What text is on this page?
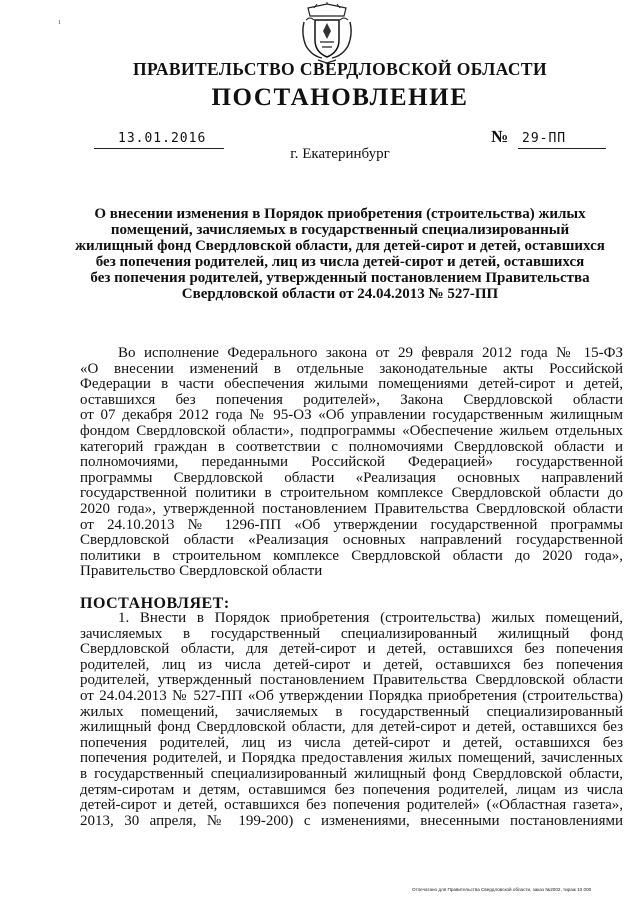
1
ПРАВИТЕЛЬСТВО СВЕРДЛОВСКОЙ ОБЛАСТИ
ПОСТАНОВЛЕНИЕ
13.01.2016	№ 29-ПП
г. Екатеринбург
О внесении изменения в Порядок приобретения (строительства) жилых
помещений, зачисляемых в государственный специализированный
жилищный фонд Свердловской области, для детей-сирот и детей, оставшихся
без попечения родителей, лиц из числа детей-сирот и детей, оставшихся
без попечения родителей, утвержденный постановлением Правительства
Свердловской области от 24.04.2013 № 527-ПП
Во исполнение Федерального закона от 29 февраля 2012 года № 15-ФЗ
«О внесении изменений в отдельные законодательные акты Российской
Федерации в части обеспечения жилыми помещениями детей-сирот и детей,
оставшихся без попечения родителей», Закона Свердловской области
от 07 декабря 2012 года № 95-ОЗ «Об управлении государственным жилищным
фондом Свердловской области», подпрограммы «Обеспечение жильем отдельных
категорий граждан в соответствии с полномочиями Свердловской области и
полномочиями, переданными Российской Федерацией» государственной
программы Свердловской области «Реализация основных направлений
государственной политики в строительном комплексе Свердловской области до
2020 года», утвержденной постановлением Правительства Свердловской области
от 24.10.2013 № 1296-ПП «Об утверждении государственной программы
Свердловской области «Реализация основных направлений государственной
политики в строительном комплексе Свердловской области до 2020 года»,
Правительство Свердловской области
ПОСТАНОВЛЯЕТ:
1. Внести в Порядок приобретения (строительства) жилых помещений,
зачисляемых в государственный специализированный жилищный фонд
Свердловской области, для детей-сирот и детей, оставшихся без попечения
родителей, лиц из числа детей-сирот и детей, оставшихся без попечения
родителей, утвержденный постановлением Правительства Свердловской области
от 24.04.2013 № 527-ПП «Об утверждении Порядка приобретения (строительства)
жилых помещений, зачисляемых в государственный специализированный
жилищный фонд Свердловской области, для детей-сирот и детей, оставшихся без
попечения родителей, лиц из числа детей-сирот и детей, оставшихся без
попечения родителей, и Порядка предоставления жилых помещений, зачисленных
в государственный специализированный жилищный фонд Свердловской области,
детям-сиротам и детям, оставшимся без попечения родителей, лицам из числа
детей-сирот и детей, оставшихся без попечения родителей» («Областная газета»,
2013, 30 апреля, № 199-200) с изменениями, внесенными постановлениями
Отпечатано для Правительства Свердловской области, заказ №2002, тираж 10 000
